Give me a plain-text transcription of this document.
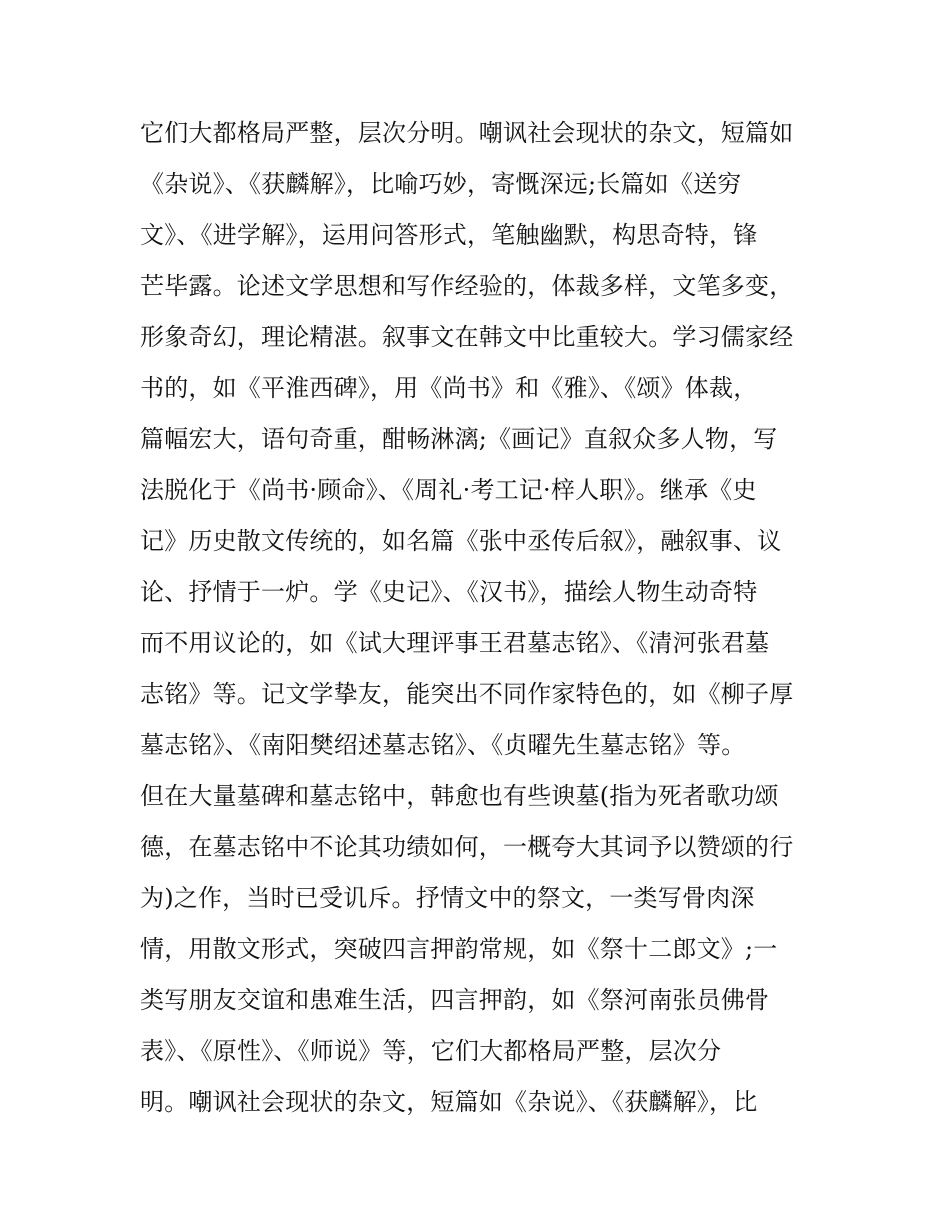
它们大都格局严整，层次分明。嘲讽社会现状的杂文，短篇如
《杂说》、《获麟解》，比喻巧妙，寄慨深远;长篇如《送穷
文》、《进学解》，运用问答形式，笔触幽默，构思奇特，锋
芒毕露。论述文学思想和写作经验的，体裁多样，文笔多变，
形象奇幻，理论精湛。叙事文在韩文中比重较大。学习儒家经
书的，如《平淮西碑》，用《尚书》和《雅》、《颂》体裁，
篇幅宏大，语句奇重，酣畅淋漓;《画记》直叙众多人物，写
法脱化于《尚书·顾命》、《周礼·考工记·梓人职》。继承《史
记》历史散文传统的，如名篇《张中丞传后叙》，融叙事、议
论、抒情于一炉。学《史记》、《汉书》，描绘人物生动奇特
而不用议论的，如《试大理评事王君墓志铭》、《清河张君墓
志铭》等。记文学挚友，能突出不同作家特色的，如《柳子厚
墓志铭》、《南阳樊绍述墓志铭》、《贞曜先生墓志铭》等。
但在大量墓碑和墓志铭中，韩愈也有些谀墓(指为死者歌功颂
德，在墓志铭中不论其功绩如何，一概夸大其词予以赞颂的行
为)之作，当时已受讥斥。抒情文中的祭文，一类写骨肉深
情，用散文形式，突破四言押韵常规，如《祭十二郎文》;一
类写朋友交谊和患难生活，四言押韵，如《祭河南张员佛骨
表》、《原性》、《师说》等，它们大都格局严整，层次分
明。嘲讽社会现状的杂文，短篇如《杂说》、《获麟解》，比
